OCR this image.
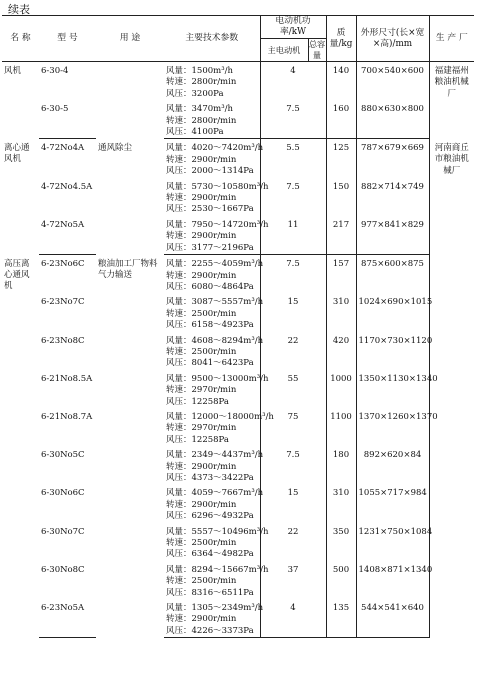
续表
名 称	型 号	用 途	主要技术参数	电动机功率/kW		质量/kg	外形尺寸(长×宽×高)/mm	生 产 厂
				主电动机	总容量			
风机	6-30-4		风量：1500m³/h
转速：2800r/min
风压：3200Pa	4		140	700×540×600	福建福州粮油机械厂
	6-30-5		风量：3470m³/h
转速：2800r/min
风压：4100Pa	7.5		160	880×630×800	
离心通风机	4-72No4A	通风除尘	风量：4020～7420m³/h
转速：2900r/min
风压：2000～1314Pa	5.5		125	787×679×669	河南商丘市粮油机械厂
	4-72No4.5A		风量：5730～10580m³/h
转速：2900r/min
风压：2530～1667Pa	7.5		150	882×714×749	
	4-72No5A		风量：7950～14720m³/h
转速：2900r/min
风压：3177～2196Pa	11		217	977×841×829	
高压离心通风机	6-23No6C	粮油加工厂物料气力输送	风量：2255～4059m³/h
转速：2900r/min
风压：6080～4864Pa	7.5		157	875×600×875	
	6-23No7C		风量：3087～5557m³/h
转速：2500r/min
风压：6158～4923Pa	15		310	1024×690×1015	
	6-23No8C		风量：4608～8294m³/h
转速：2500r/min
风压：8041～6423Pa	22		420	1170×730×1120	
	6-21No8.5A		风量：9500～13000m³/h
转速：2970r/min
风压：12258Pa	55		1000	1350×1130×1340	
	6-21No8.7A		风量：12000～18000m³/h
转速：2970r/min
风压：12258Pa	75		1100	1370×1260×1370	
	6-30No5C		风量：2349～4437m³/h
转速：2900r/min
风压：4373～3422Pa	7.5		180	892×620×84	
	6-30No6C		风量：4059～7667m³/h
转速：2900r/min
风压：6296～4932Pa	15		310	1055×717×984	
	6-30No7C		风量：5557～10496m³/h
转速：2500r/min
风压：6364～4982Pa	22		350	1231×750×1084	
	6-30No8C		风量：8294～15667m³/h
转速：2500r/min
风压：8316～6511Pa	37		500	1408×871×1340	
	6-23No5A		风量：1305～2349m³/h
转速：2900r/min
风压：4226～3373Pa	4		135	544×541×640	
